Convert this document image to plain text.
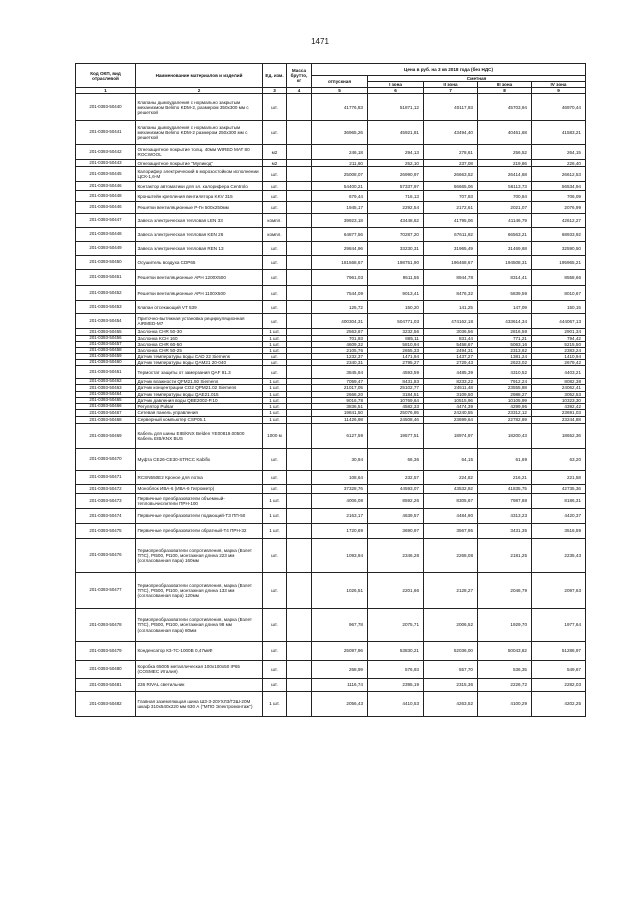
1471
Код ОКП, вид отраслевой	Наименование материалов и изделий	Ед. изм.	Масса брутто, кг	Цена в руб. на 3 кв 2018 года (без НДС)				
				отпускная	Сметная			
					I зона	II зона	III зона	IV зона
1	2	3	4	5	6	7	8	9
201-0393-50440	Клапаны дымоудаления с нормально закрытым механизмом Belimo KDM-2, размером 350x300 мм с решеткой	шт.		41776,83	51871,12	40117,93	45703,94	46970,44
201-0393-50441	Клапаны дымоудаления с нормально закрытым механизмом Belimo KDM-2 размером 250x300 мм с решеткой	шт.		36965,26	45921,81	43494,40	40461,68	41583,21
201-0393-50442	Огнезащитное покрытие толщ. 40мм WIRED MAT 80 ROCWOOL	м2		246,18	294,13	278,61	256,52	264,15
201-0393-50443	Огнезащитное покрытие "Муликод"	м2		211,60	252,10	237,08	219,86	226,40
201-0393-50445	Калорифер электрический в морозостойком исполнении ЦСК-1,6-М	шт.		25008,07	26990,97	26663,52	26414,68	26612,53
201-0393-50446	Контактор автоматики для эл. калорифера Centrolo	шт.		54400,21	57337,97	56665,06	56113,73	56534,94
201-0393-50448	Кронштейн крепления вентилятора KKV 315	шт.		679,44	716,13	707,93	700,84	706,09
201-0393-50446	Решетки вентиляционные Р-Гн 500x250мм	шт.		1945,17	2292,54	2172,61	2021,07	2076,99
201-0393-50447	Завеса электрическая тепловая LEN 33	компл.		39923,18	43448,62	41795,06	41146,79	42612,27
201-0393-50448	Завеса электрическая тепловая KEN 26	компл.		64877,56	70287,20	67611,92	66563,21	68933,92
201-0393-50449	Завеса электрическая тепловая REN 13	шт.		29844,96	33230,31	31965,49	31469,68	32590,50
201-0393-50450	Осушитель воздуха CDP65	шт.		181568,67	198751,90	196468,67	194508,31	195965,21
201-0393-50451	Решетки вентиляционные АРН 1200Х500	шт.		7961,03	9511,55	8944,78	8314,41	8558,66
201-0393-50452	Решетки вентиляционные АРН 1100Х500	шт.		7544,09	9013,41	8476,32	5839,59	8010,67
201-0393-50453	Клапан отсекающий VT 539	шт.		125,72	150,20	141,25	147,09	150,15
201-0393-50454	Приточно-вытяжная установка рециркуляционная AIRMED-M7	шт.		400304,31	504771,03	474162,18	433614,34	444067,13
201-0393-50455	Заслонка CHR 50-30	1 шт.		2563,67	3232,56	3036,56	2816,59	2901,34
201-0393-50456	Заслонка KCH 160	1 шт.		701,93	885,11	831,44	771,21	794,42
201-0393-50457	Заслонка CHR 60-50	1 шт.		4609,32	5810,94	5458,67	5063,16	5215,50
201-0393-50458	Заслонка CHR 50-25	1 шт.		2105,76	2655,33	2494,31	2313,62	2383,24
201-0393-50459	Датчик температуры воды CAD 22 Siemens	шт.		1232,37	1471,94	1437,27	1381,24	1410,94
201-0393-50460	Датчик температуры воды QAM21 20-040	шт.		2340,31	2795,27	2729,43	2623,02	2679,42
201-0393-50461	Термостат защиты от замерзания QAF 81.3	шт.		3845,94	4593,59	4485,39	4310,52	4403,21
201-0393-50462	Датчик влажности QFM21.50 Siemens	1 шт.		7059,47	8431,83	8233,22	7912,24	8082,38
201-0393-50463	Датчик концентрации CO2 QPM21.02 Siemens	1 шт.		21017,05	25102,77	24511,48	23555,88	24062,41
201-0393-50464	Датчик температуры воды QAE21.015	1 шт.		2666,20	3184,51	3109,50	2988,27	3052,53
201-0393-50465	Датчик давления воды QBE2002-P.10	1 шт.		9016,78	10769,64	10515,96	10105,99	10323,30
201-0393-50466	Регулятор Pulsar	1 шт.		3836,51	4582,33	4474,39	4299,95	4392,42
201-0393-50467	Сетевая панель управления	1 шт.		19841,50	25076,95	24240,55	23312,12	23691,03
201-0393-50468	Серверный компьютер CSP05.1	1 шт.		11426,98	24508,46	23699,64	22782,69	23244,88
201-0393-50469	Кабель для шины EIB/KNX Belden YE00819.00500 Кабель EIB/KNX BUS	1000 м		6127,59	19577,51	18974,97	18200,43	18652,36
201-0393-50470	Муфта CE26-CE30-STRCC Kabifix	шт.		30,94	66,36	64,15	61,69	63,20
201-0393-50471	RCSN550E2 Кроное для лотка	шт.		108,64	232,57	224,82	216,21	221,58
201-0393-50472	Моноблок ИВА-6 (ИВА-6 Гигрометр)	шт.		37328,76	44593,07	43532,92	41835,75	42735,36
201-0393-50473	Первичные преобразователи объемный-тепловычислители ПРН-100	1 шт.		4006,08	8592,26	8305,67	7987,88	8186,31
201-0393-50474	Первичные преобразователи подающий-ТЗ ПП-50	1 шт.		2163,17	4639,57	4484,90	4313,23	4420,37
201-0393-50475	Первичные преобразователи обратный-Т4 ПРН-32	1 шт.		1720,69	3690,97	3567,95	3431,35	3516,59
201-0393-50476	Термопреобразователи сопротивления, марка (Взлет ТПС), Pt500, Pt100, монтажная длина 223 мм (согласованная пара) 160мм	шт.		1093,94	2346,28	2268,08	2181,25	2235,43
201-0393-50477	Термопреобразователи сопротивления, марка (Взлет ТПС), Pt500, Pt100, монтажная длина 133 мм (согласованная пара) 120мм	шт.		1026,51	2201,66	2128,27	2046,79	2097,63
201-0393-50478	Термопреобразователи сопротивления, марка (Взлет ТПС), Pt500, Pt100, монтажная длина 98 мм (согласованная пара) 80мм	шт.		967,78	2075,71	2006,52	1929,70	1977,64
201-0393-50479	Конденсатор К3-7С-1000В 0,47мкФ	шт.		25097,96	53830,21	52036,00	50043,82	51286,97
201-0393-50480	Коробка 65005 металлическая 100x100x50 IP65 (COSMEC Италия)	шт.		268,99	576,93	557,70	536,35	549,67
201-0393-50481	236 RIVAL светильник	шт.		1116,74	2395,19	2315,36	2226,72	2282,03
201-0393-50482	Главная заземляющая шина ШЗ-3-20УХЛ3/ГЗШ-20М шкаф 310х540х220 мм 630 А ("МПО Электромонтаж")	1 шт.		2056,43	4410,53	4263,52	4100,29	4202,25
